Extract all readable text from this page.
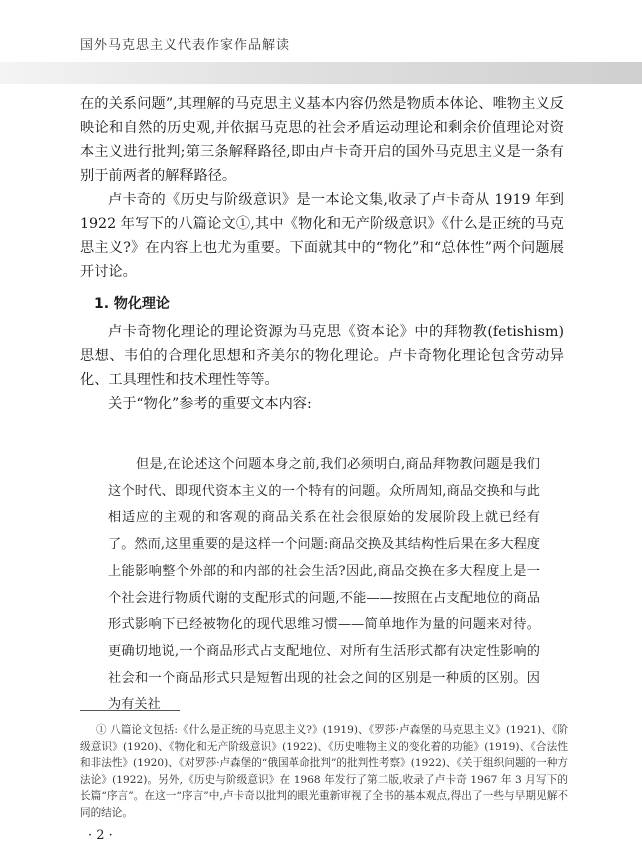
国外马克思主义代表作家作品解读

在的关系问题”,其理解的马克思主义基本内容仍然是物质本体论、唯物主义反映论和自然的历史观,并依据马克思的社会矛盾运动理论和剩余价值理论对资本主义进行批判;第三条解释路径,即由卢卡奇开启的国外马克思主义是一条有别于前两者的解释路径。

卢卡奇的《历史与阶级意识》是一本论文集,收录了卢卡奇从 1919 年到 1922 年写下的八篇论文①,其中《物化和无产阶级意识》《什么是正统的马克思主义?》在内容上也尤为重要。下面就其中的“物化”和“总体性”两个问题展开讨论。

1. 物化理论

卢卡奇物化理论的理论资源为马克思《资本论》中的拜物教(fetishism)思想、韦伯的合理化思想和齐美尔的物化理论。卢卡奇物化理论包含劳动异化、工具理性和技术理性等等。

关于“物化”参考的重要文本内容:

但是,在论述这个问题本身之前,我们必须明白,商品拜物教问题是我们这个时代、即现代资本主义的一个特有的问题。众所周知,商品交换和与此相适应的主观的和客观的商品关系在社会很原始的发展阶段上就已经有了。然而,这里重要的是这样一个问题:商品交换及其结构性后果在多大程度上能影响整个外部的和内部的社会生活?因此,商品交换在多大程度上是一个社会进行物质代谢的支配形式的问题,不能——按照在占支配地位的商品形式影响下已经被物化的现代思维习惯——简单地作为量的问题来对待。更确切地说,一个商品形式占支配地位、对所有生活形式都有决定性影响的社会和一个商品形式只是短暂出现的社会之间的区别是一种质的区别。因为有关社

① 八篇论文包括:《什么是正统的马克思主义?》(1919)、《罗莎·卢森堡的马克思主义》(1921)、《阶级意识》(1920)、《物化和无产阶级意识》(1922)、《历史唯物主义的变化着的功能》(1919)、《合法性和非法性》(1920)、《对罗莎·卢森堡的“俄国革命批判”的批判性考察》(1922)、《关于组织问题的一种方法论》(1922)。另外,《历史与阶级意识》在 1968 年发行了第二版,收录了卢卡奇 1967 年 3 月写下的长篇“序言”。在这一“序言”中,卢卡奇以批判的眼光重新审视了全书的基本观点,得出了一些与早期见解不同的结论。

· 2 ·
